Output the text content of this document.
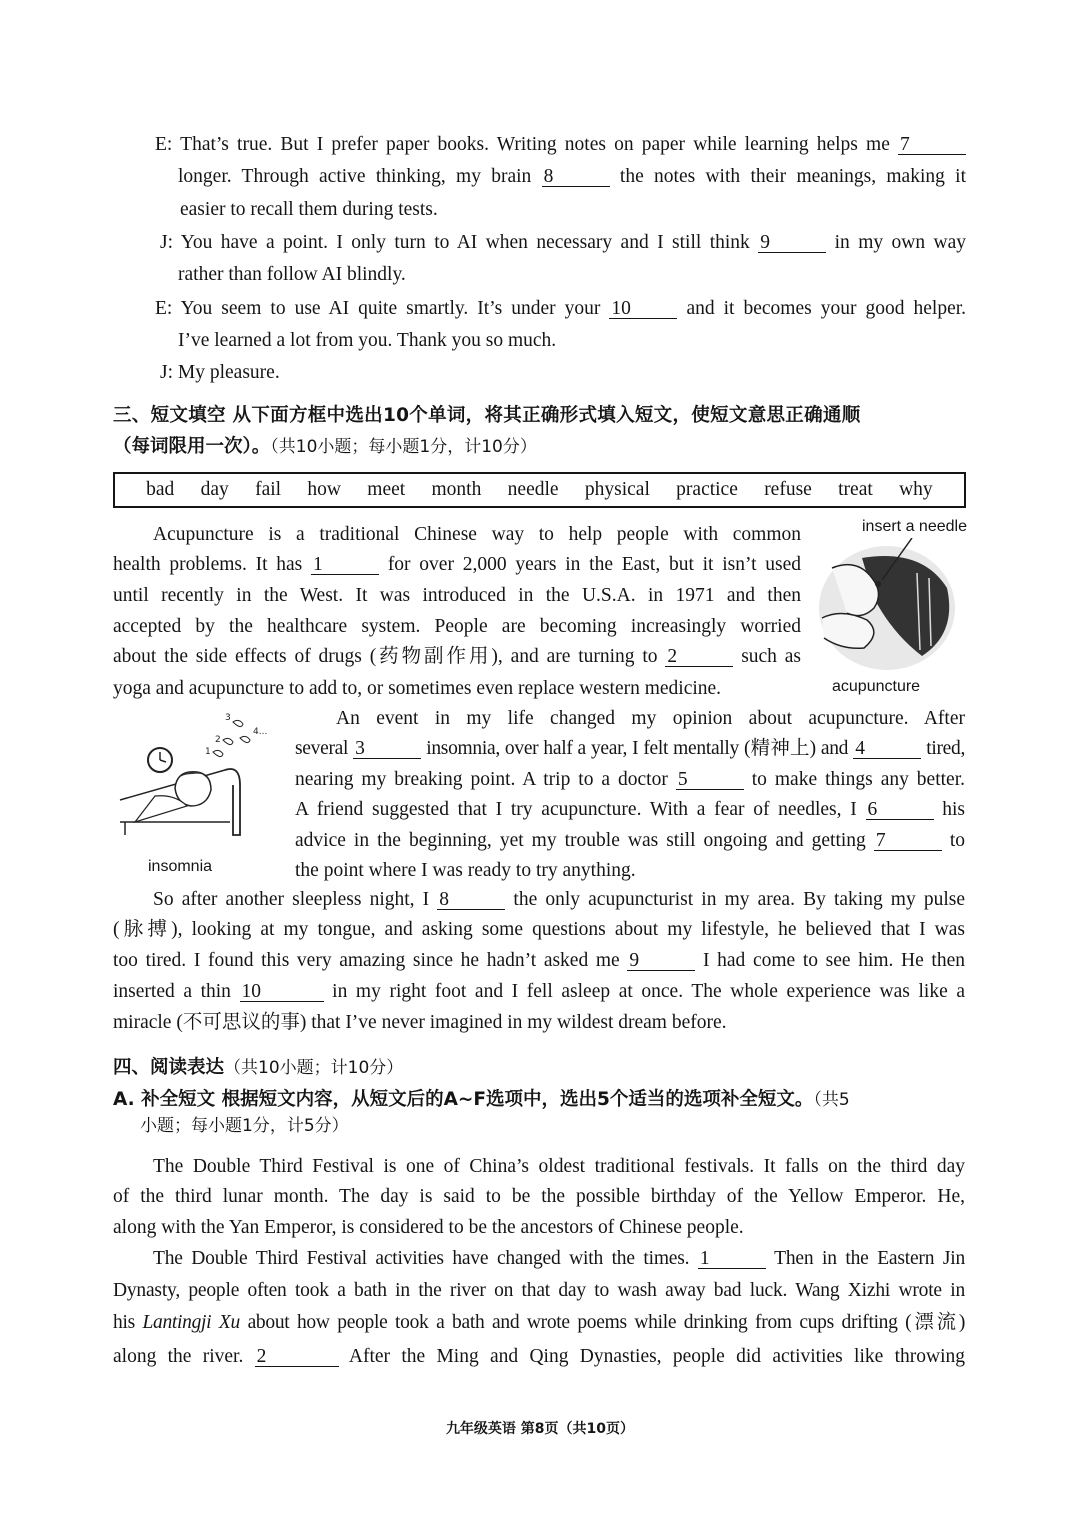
E: That’s true. But I prefer paper books. Writing notes on paper while learning helps me 7
longer. Through active thinking, my brain 8	the notes with their meanings, making it
easier to recall them during tests.
J: You have a point. I only turn to AI when necessary and I still think 9	in my own way
rather than follow AI blindly.
E: You seem to use AI quite smartly. It’s under your 10	and it becomes your good helper.
I’ve learned a lot from you. Thank you so much.
J: My pleasure.
三、短文填空 从下面方框中选出10个单词，将其正确形式填入短文，使短文意思正确通顺
（每词限用一次）。（共10小题；每小题1分，计10分）
bad day fail how meet month needle physical practice refuse treat why
insert a needle
acupuncture
Acupuncture is a traditional Chinese way to help people with common
health problems. It has 1	for over 2,000 years in the East, but it isn’t used
until recently in the West. It was introduced in the U.S.A. in 1971 and then
accepted by the healthcare system. People are becoming increasingly worried
about the side effects of drugs (药物副作用), and are turning to 2	such as
yoga and acupuncture to add to, or sometimes even replace western medicine.
3
2
1
4...
insomnia
An event in my life changed my opinion about acupuncture. After
several 3	insomnia, over half a year, I felt mentally (精神上) and 4	tired,
nearing my breaking point. A trip to a doctor 5	to make things any better.
A friend suggested that I try acupuncture. With a fear of needles, I 6	his
advice in the beginning, yet my trouble was still ongoing and getting 7	to
the point where I was ready to try anything.
So after another sleepless night, I 8	the only acupuncturist in my area. By taking my pulse
(脉搏), looking at my tongue, and asking some questions about my lifestyle, he believed that I was
too tired. I found this very amazing since he hadn’t asked me 9	I had come to see him. He then
inserted a thin 10	in my right foot and I fell asleep at once. The whole experience was like a
miracle (不可思议的事) that I’ve never imagined in my wildest dream before.
四、阅读表达（共10小题；计10分）
A. 补全短文 根据短文内容，从短文后的A~F选项中，选出5个适当的选项补全短文。（共5
小题；每小题1分，计5分）
The Double Third Festival is one of China’s oldest traditional festivals. It falls on the third day
of the third lunar month. The day is said to be the possible birthday of the Yellow Emperor. He,
along with the Yan Emperor, is considered to be the ancestors of Chinese people.
The Double Third Festival activities have changed with the times. 1	Then in the Eastern Jin
Dynasty, people often took a bath in the river on that day to wash away bad luck. Wang Xizhi wrote in
his Lantingji Xu about how people took a bath and wrote poems while drinking from cups drifting (漂流)
along the river. 2	After the Ming and Qing Dynasties, people did activities like throwing
九年级英语 第8页（共10页）
